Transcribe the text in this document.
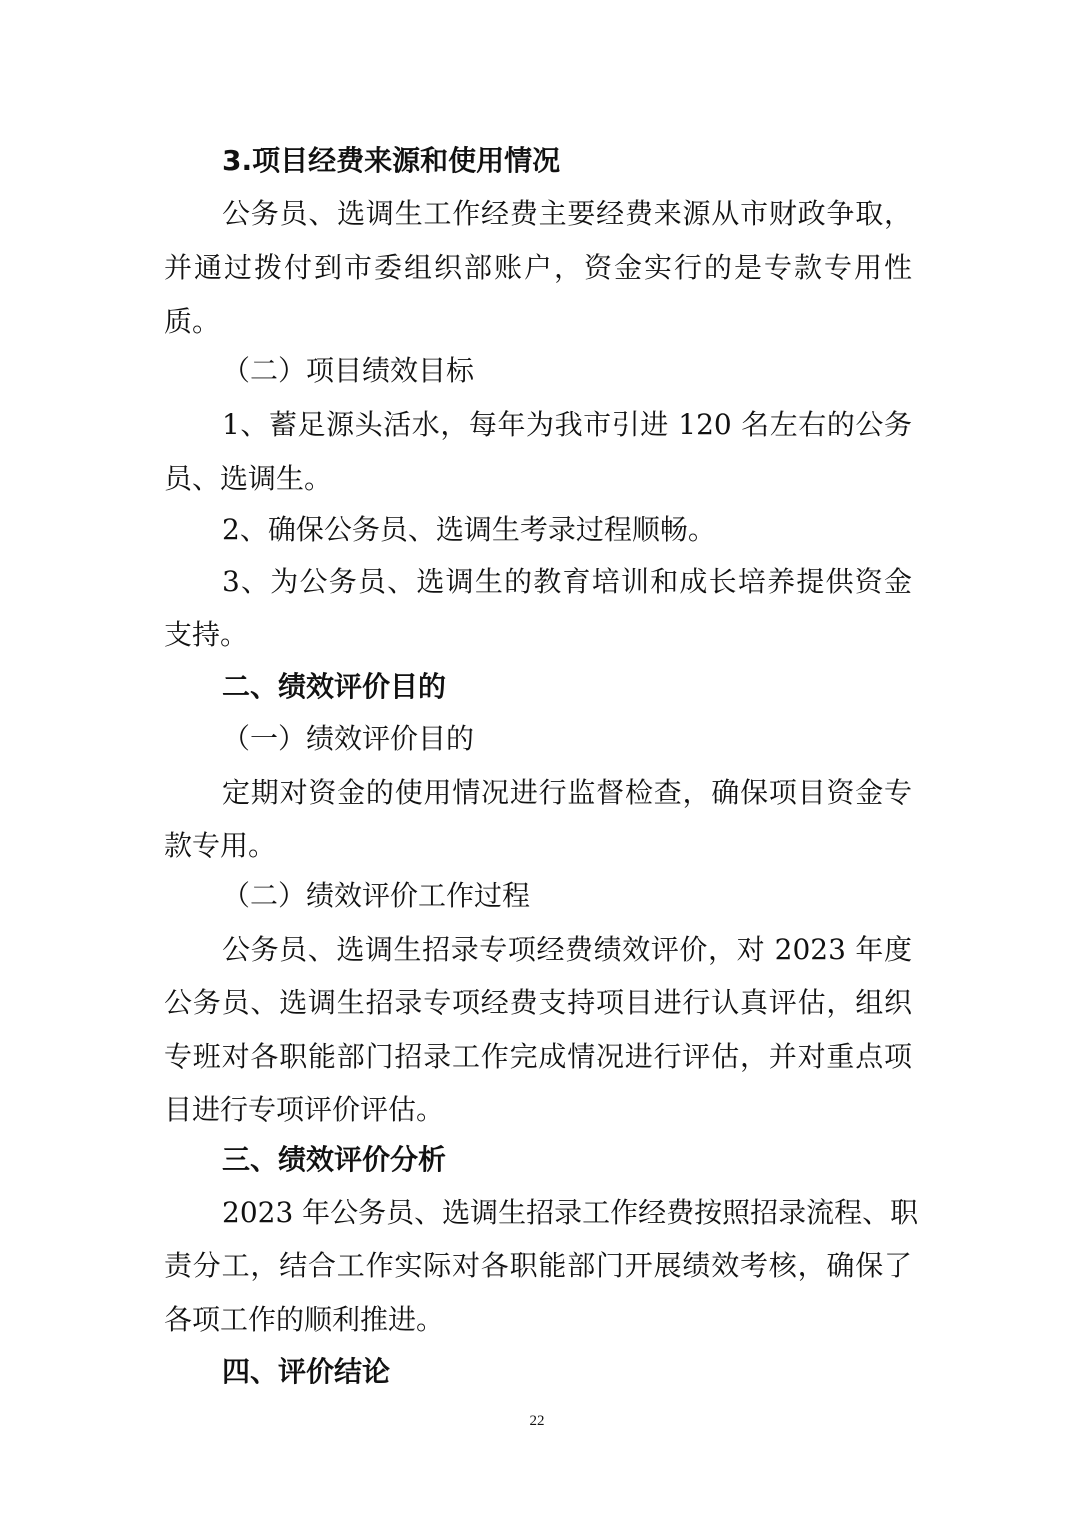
3.项目经费来源和使用情况
公务员、选调生工作经费主要经费来源从市财政争取，
并通过拨付到市委组织部账户，资金实行的是专款专用性
质。
（二）项目绩效目标
1、蓄足源头活水，每年为我市引进 120 名左右的公务
员、选调生。
2、确保公务员、选调生考录过程顺畅。
3、为公务员、选调生的教育培训和成长培养提供资金
支持。
二、绩效评价目的
（一）绩效评价目的
定期对资金的使用情况进行监督检查，确保项目资金专
款专用。
（二）绩效评价工作过程
公务员、选调生招录专项经费绩效评价，对 2023 年度
公务员、选调生招录专项经费支持项目进行认真评估，组织
专班对各职能部门招录工作完成情况进行评估，并对重点项
目进行专项评价评估。
三、绩效评价分析
2023 年公务员、选调生招录工作经费按照招录流程、职
责分工，结合工作实际对各职能部门开展绩效考核，确保了
各项工作的顺利推进。
四、评价结论
22
